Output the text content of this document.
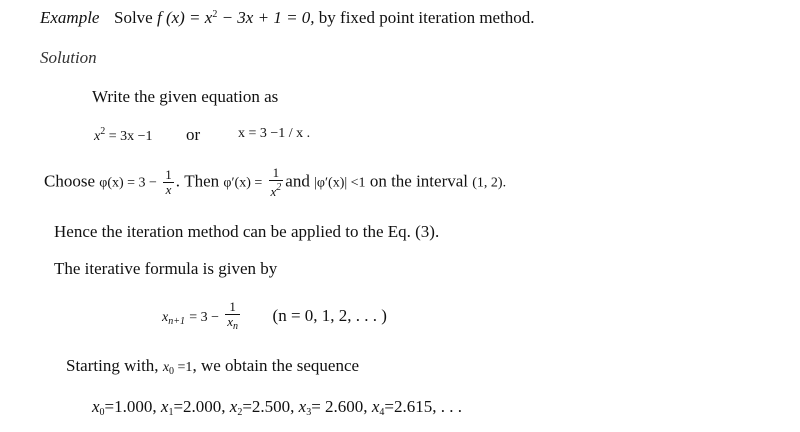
Example Solve f $(x) = x^2 - 3x + 1 = 0$, by fixed point iteration method.
Solution
Write the given equation as
$x^2 = 3x -1$ or	x = 3 −1 / x .
Choose $\varphi(x) = 3 - \frac{1}{x}$ . Then $\varphi'(x) = \frac{1}{x^2}$ and |φ′(x)| <1 on the interval (1, 2).
Hence the iteration method can be applied to the Eq. (3).
The iterative formula is given by
$x_{n+1} = 3 - \frac{1}{x_n} (n = 0$, 1, 2, . . . )
Starting with, $x_0 =1$, we obtain the sequence
$x_0=1.000$, $x_1=2.000$, $x_2=2.500$, $x_3= 2.600$, $x_4=2.615$, . . .
